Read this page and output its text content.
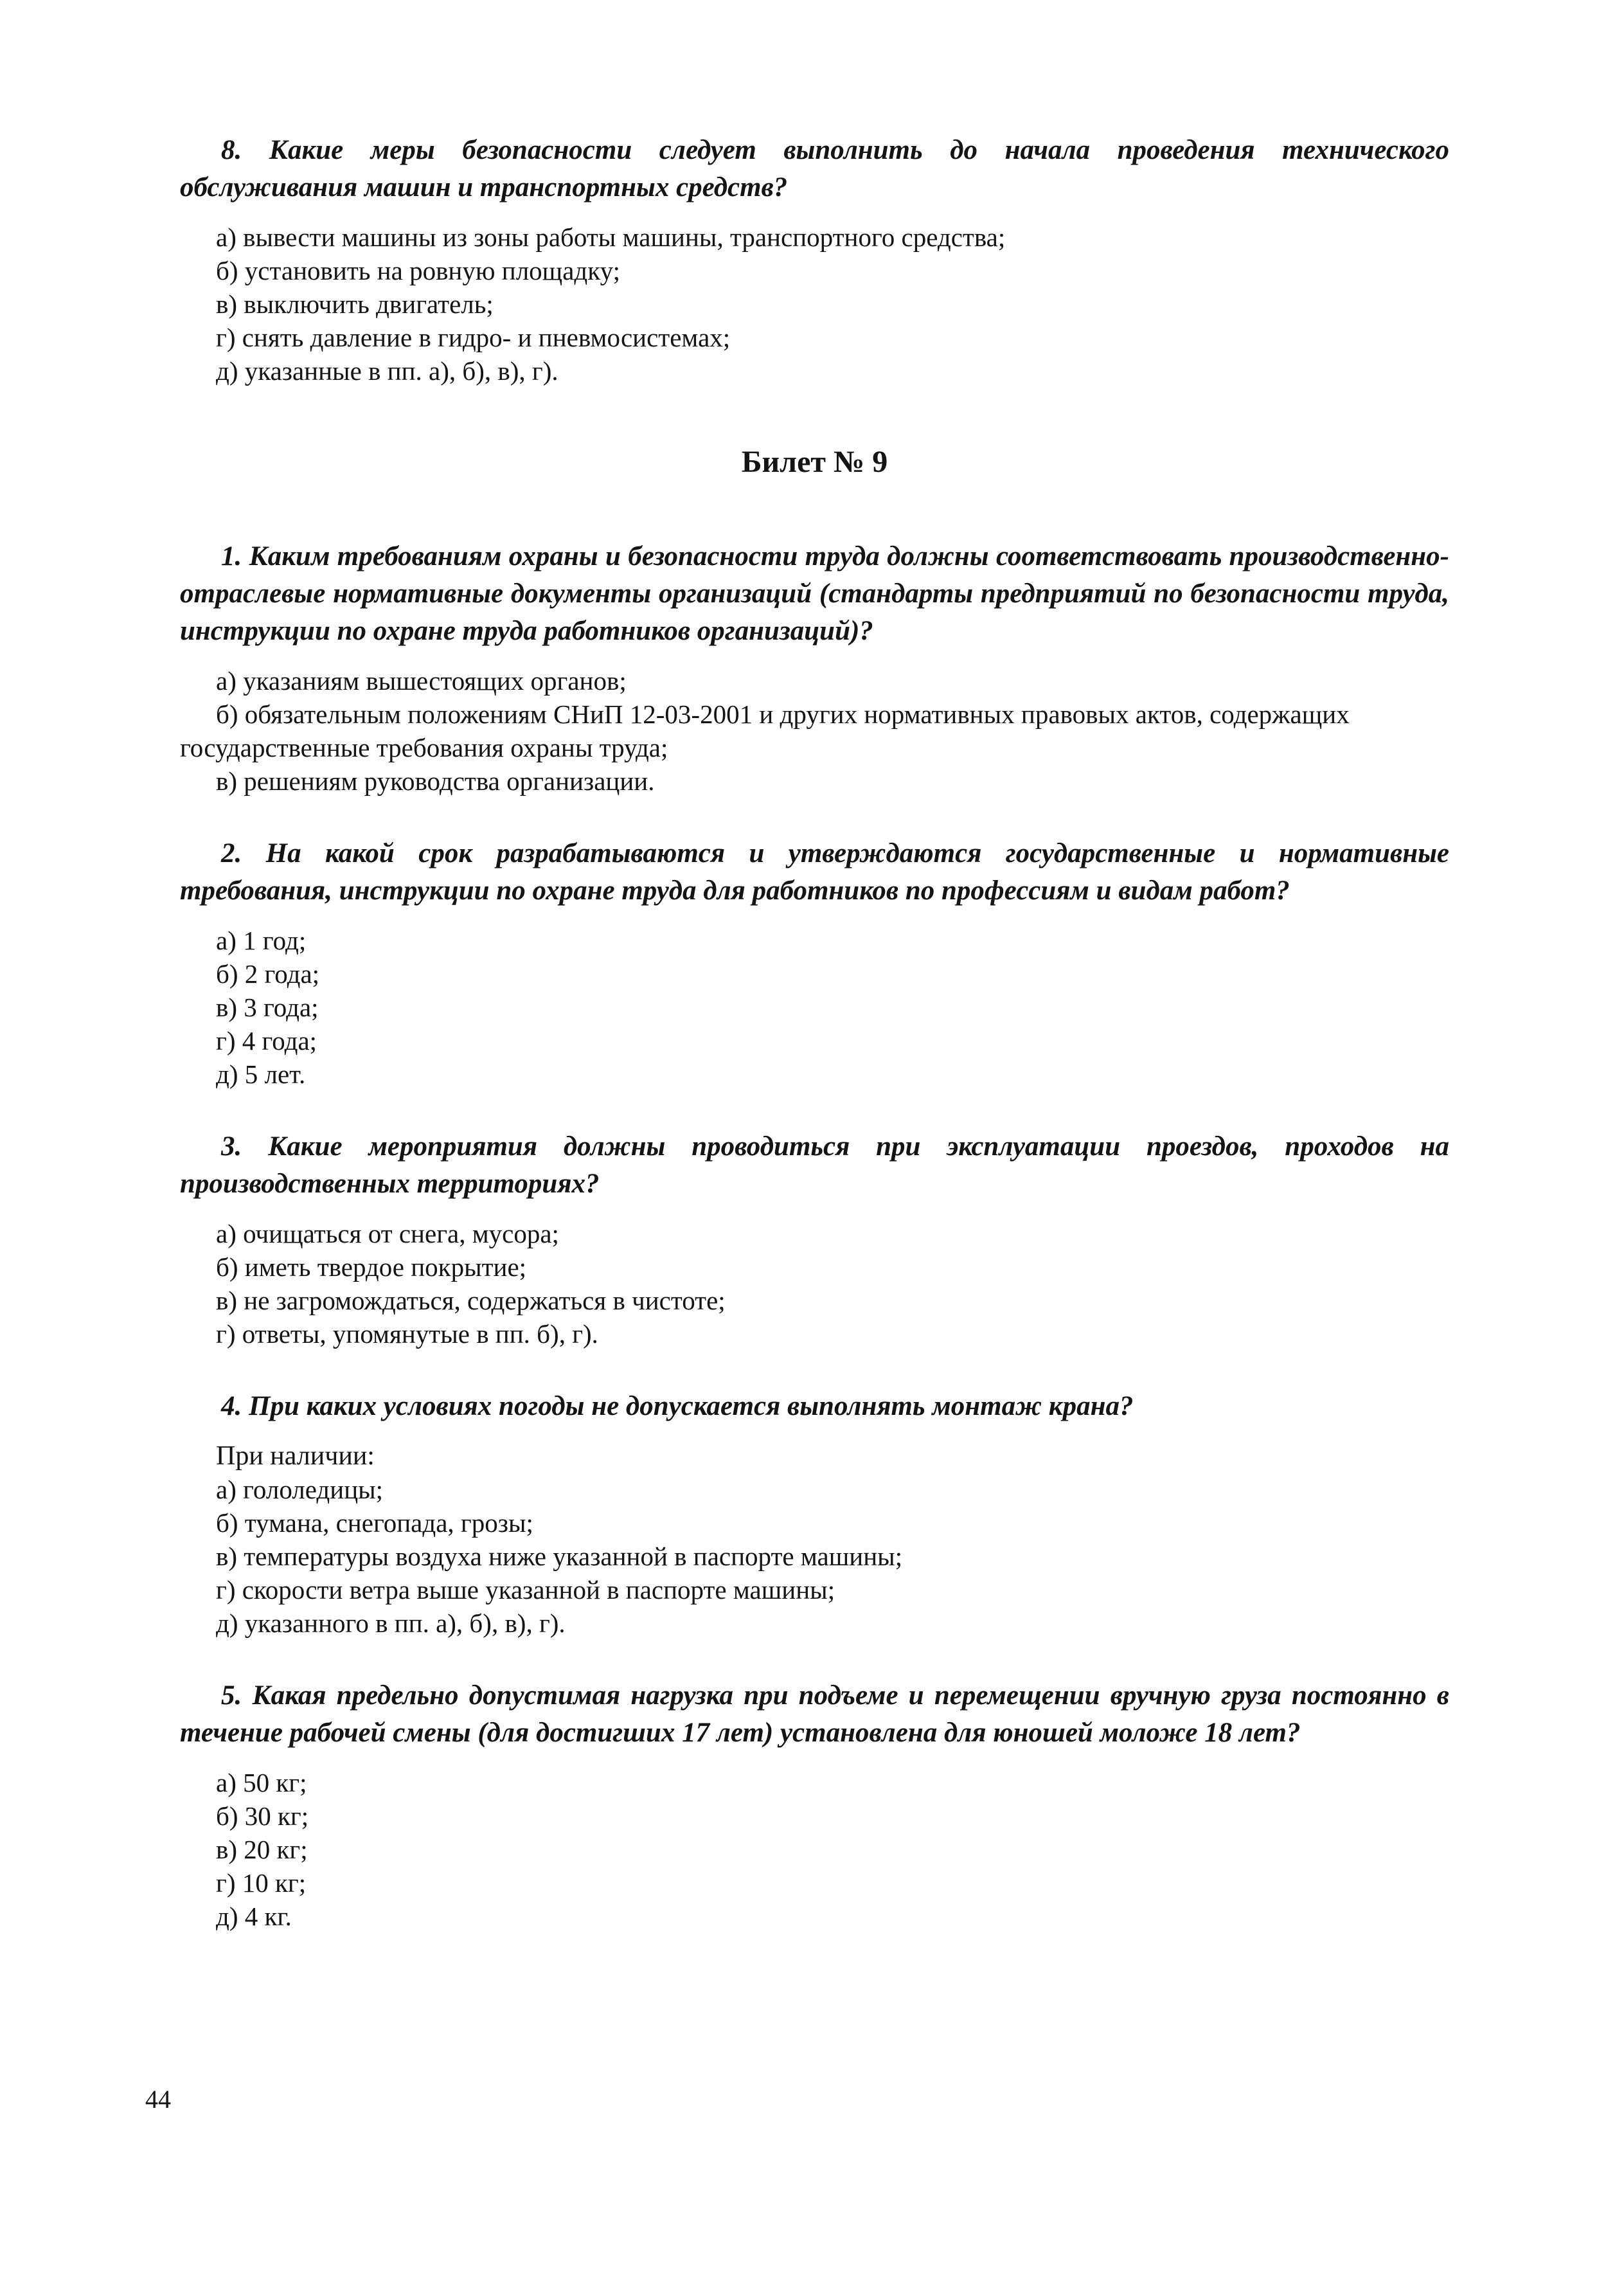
8. Какие меры безопасности следует выполнить до начала проведения технического обслуживания машин и транспортных средств?

а) вывести машины из зоны работы машины, транспортного средства;

б) установить на ровную площадку;

в) выключить двигатель;

г) снять давление в гидро- и пневмосистемах;

д) указанные в пп. а), б), в), г).

Билет № 9

1. Каким требованиям охраны и безопасности труда должны соответствовать производственно-отраслевые нормативные документы организаций (стандарты предприятий по безопасности труда, инструкции по охране труда работников организаций)?

а) указаниям вышестоящих органов;

б) обязательным положениям СНиП 12-03-2001 и других нормативных правовых актов, содержащих государственные требования охраны труда;

в) решениям руководства организации.

2. На какой срок разрабатываются и утверждаются государственные и нормативные требования, инструкции по охране труда для работников по профессиям и видам работ?

а) 1 год;

б) 2 года;

в) 3 года;

г) 4 года;

д) 5 лет.

3. Какие мероприятия должны проводиться при эксплуатации проездов, проходов на производственных территориях?

а) очищаться от снега, мусора;

б) иметь твердое покрытие;

в) не загромождаться, содержаться в чистоте;

г) ответы, упомянутые в пп. б), г).

4. При каких условиях погоды не допускается выполнять монтаж крана?

При наличии:

а) гололедицы;

б) тумана, снегопада, грозы;

в) температуры воздуха ниже указанной в паспорте машины;

г) скорости ветра выше указанной в паспорте машины;

д) указанного в пп. а), б), в), г).

5. Какая предельно допустимая нагрузка при подъеме и перемещении вручную груза постоянно в течение рабочей смены (для достигших 17 лет) установлена для юношей моложе 18 лет?

а) 50 кг;

б) 30 кг;

в) 20 кг;

г) 10 кг;

д) 4 кг.

44
